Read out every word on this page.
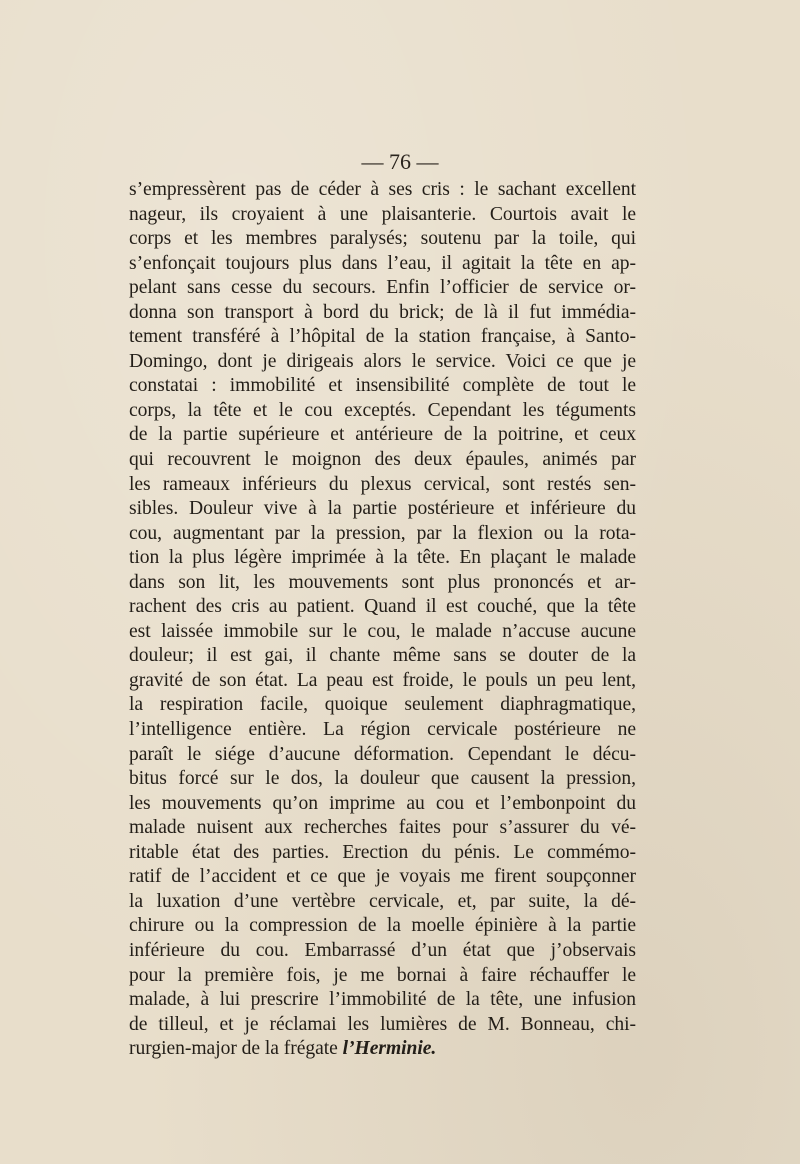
— 76 —

s’empressèrent pas de céder à ses cris : le sachant excellent
nageur, ils croyaient à une plaisanterie. Courtois avait le
corps et les membres paralysés; soutenu par la toile, qui
s’enfonçait toujours plus dans l’eau, il agitait la tête en ap-
pelant sans cesse du secours. Enfin l’officier de service or-
donna son transport à bord du brick; de là il fut immédia-
tement transféré à l’hôpital de la station française, à Santo-
Domingo, dont je dirigeais alors le service. Voici ce que je
constatai : immobilité et insensibilité complète de tout le
corps, la tête et le cou exceptés. Cependant les téguments
de la partie supérieure et antérieure de la poitrine, et ceux
qui recouvrent le moignon des deux épaules, animés par
les rameaux inférieurs du plexus cervical, sont restés sen-
sibles. Douleur vive à la partie postérieure et inférieure du
cou, augmentant par la pression, par la flexion ou la rota-
tion la plus légère imprimée à la tête. En plaçant le malade
dans son lit, les mouvements sont plus prononcés et ar-
rachent des cris au patient. Quand il est couché, que la tête
est laissée immobile sur le cou, le malade n’accuse aucune
douleur; il est gai, il chante même sans se douter de la
gravité de son état. La peau est froide, le pouls un peu lent,
la respiration facile, quoique seulement diaphragmatique,
l’intelligence entière. La région cervicale postérieure ne
paraît le siége d’aucune déformation. Cependant le décu-
bitus forcé sur le dos, la douleur que causent la pression,
les mouvements qu’on imprime au cou et l’embonpoint du
malade nuisent aux recherches faites pour s’assurer du vé-
ritable état des parties. Erection du pénis. Le commémo-
ratif de l’accident et ce que je voyais me firent soupçonner
la luxation d’une vertèbre cervicale, et, par suite, la dé-
chirure ou la compression de la moelle épinière à la partie
inférieure du cou. Embarrassé d’un état que j’observais
pour la première fois, je me bornai à faire réchauffer le
malade, à lui prescrire l’immobilité de la tête, une infusion
de tilleul, et je réclamai les lumières de M. Bonneau, chi-
rurgien-major de la frégate l’Herminie.
